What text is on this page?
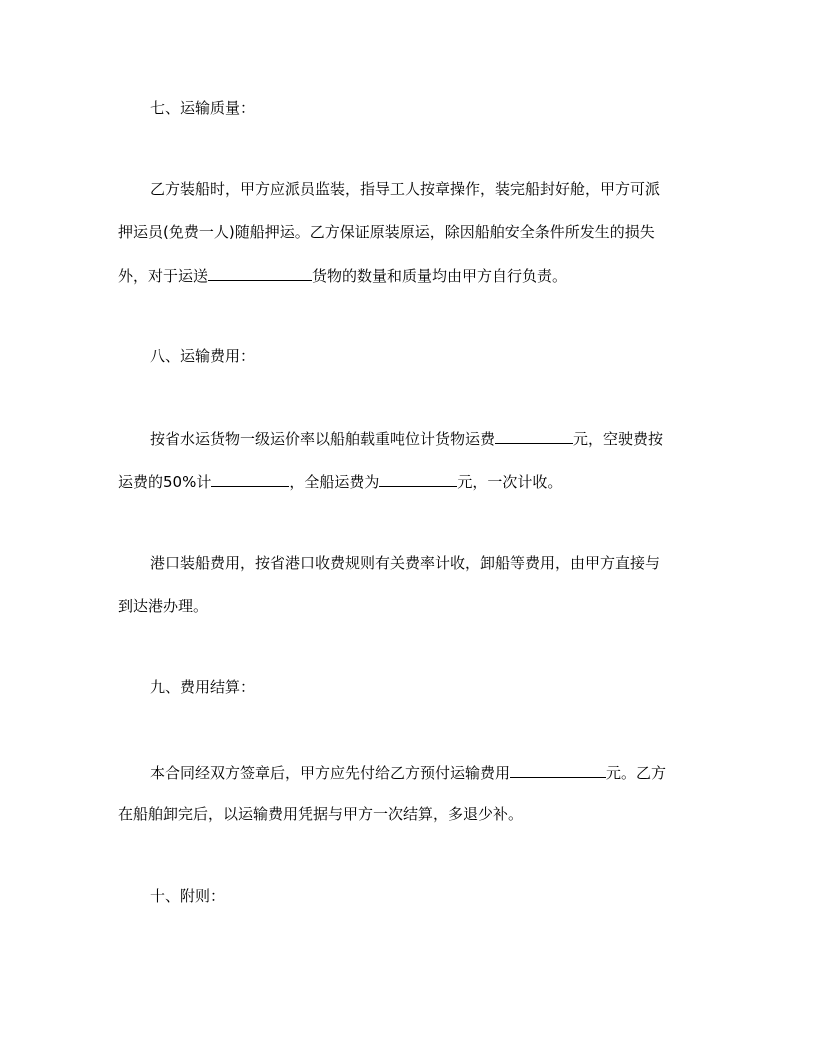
七、运输质量：
乙方装船时，甲方应派员监装，指导工人按章操作，装完船封好舱，甲方可派
押运员(免费一人)随船押运。乙方保证原装原运，除因船舶安全条件所发生的损失
外，对于运送	货物的数量和质量均由甲方自行负责。
八、运输费用：
按省水运货物一级运价率以船舶载重吨位计货物运费	元，空驶费按
运费的50%计	，全船运费为	元，一次计收。
港口装船费用，按省港口收费规则有关费率计收，卸船等费用，由甲方直接与
到达港办理。
九、费用结算：
本合同经双方签章后，甲方应先付给乙方预付运输费用	元。乙方
在船舶卸完后，以运输费用凭据与甲方一次结算，多退少补。
十、附则：
